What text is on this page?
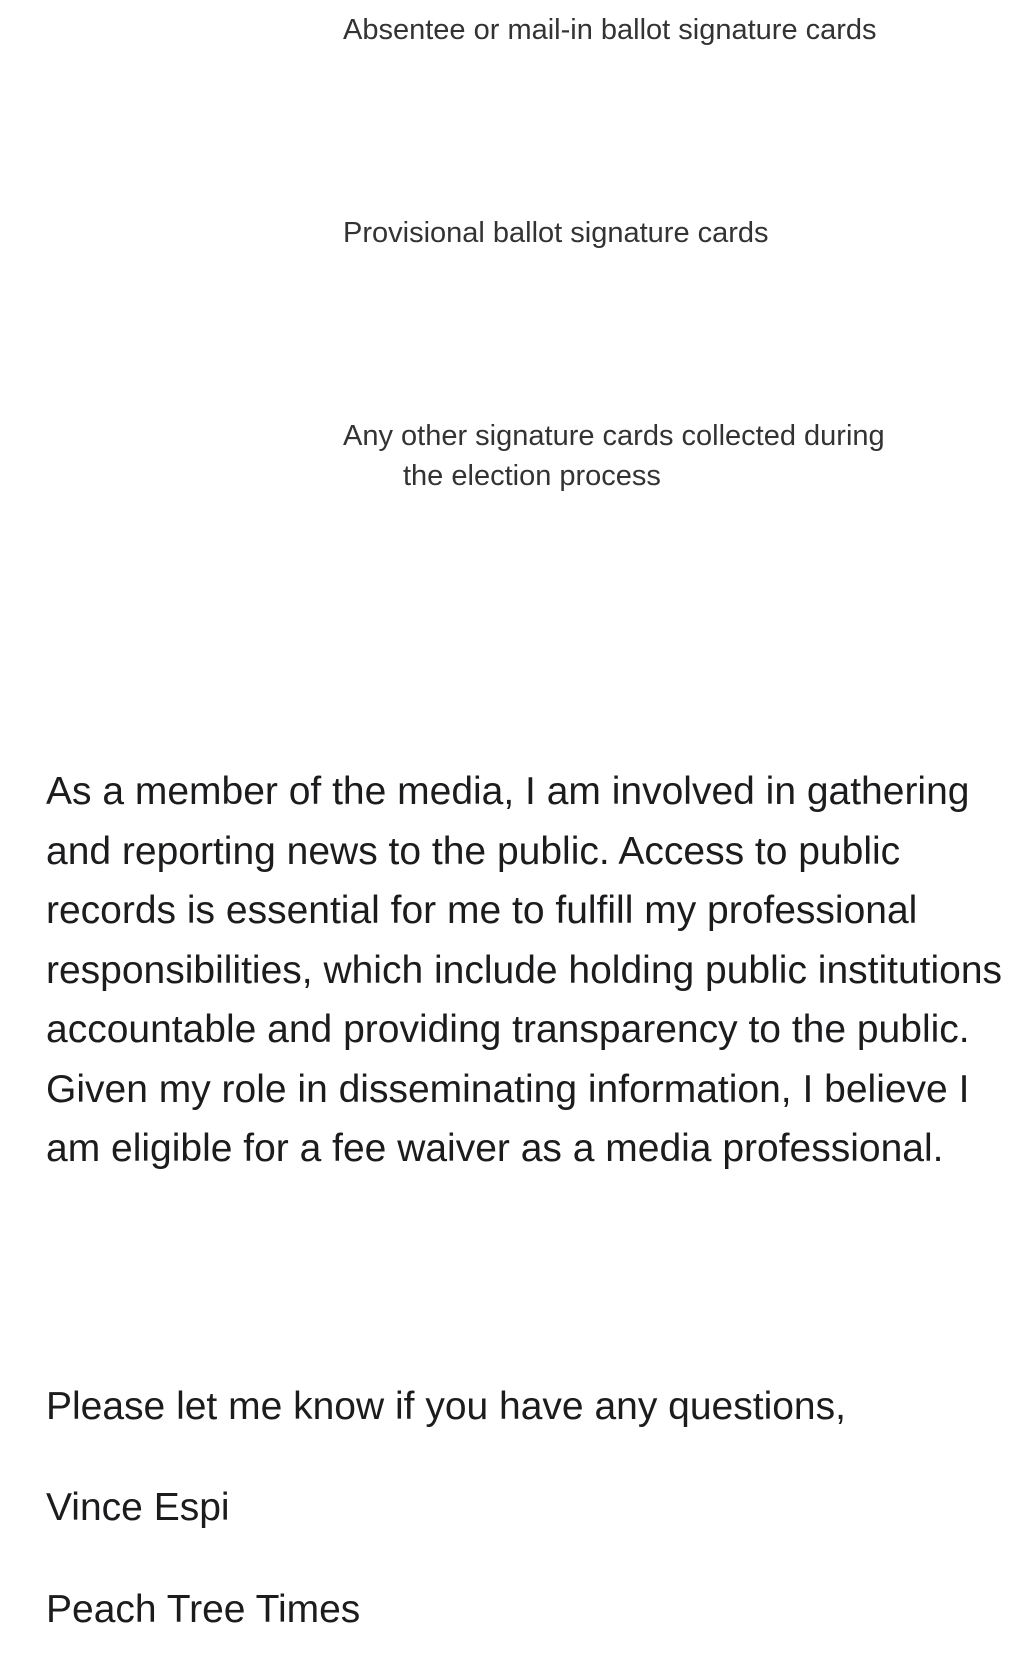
Absentee or mail-in ballot signature cards

Provisional ballot signature cards

Any other signature cards collected during
the election process

As a member of the media, I am involved in gathering and reporting news to the public. Access to public records is essential for me to fulfill my professional responsibilities, which include holding public institutions accountable and providing transparency to the public. Given my role in disseminating information, I believe I am eligible for a fee waiver as a media professional.

Please let me know if you have any questions,

Vince Espi

Peach Tree Times
